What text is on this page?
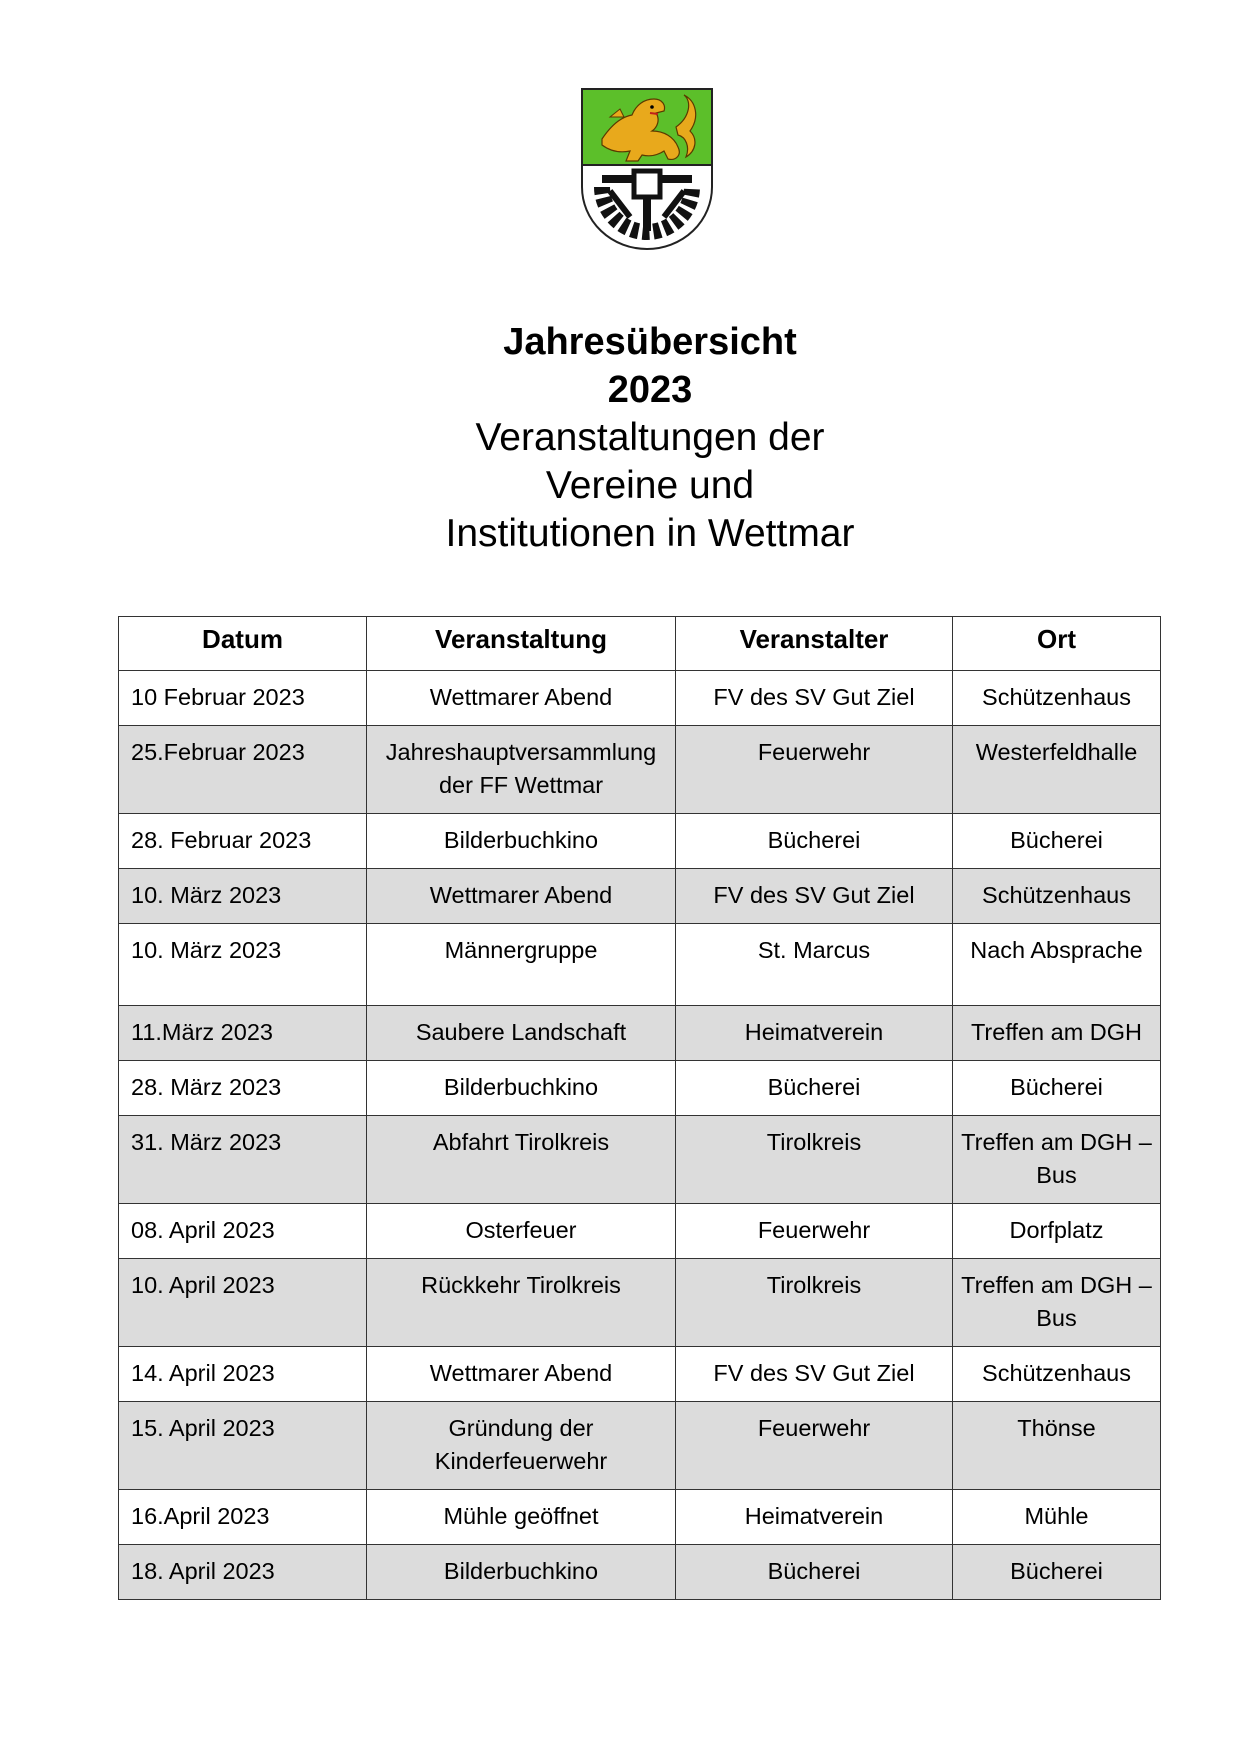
Jahresübersicht
2023
Veranstaltungen der
Vereine und
Institutionen in Wettmar
Datum	Veranstaltung	Veranstalter	Ort
10 Februar 2023	Wettmarer Abend	FV des SV Gut Ziel	Schützenhaus
25.Februar 2023	Jahreshauptversammlung der FF Wettmar	Feuerwehr	Westerfeldhalle
28. Februar 2023	Bilderbuchkino	Bücherei	Bücherei
10. März 2023	Wettmarer Abend	FV des SV Gut Ziel	Schützenhaus
10. März 2023	Männergruppe	St. Marcus	Nach Absprache
11.März 2023	Saubere Landschaft	Heimatverein	Treffen am DGH
28. März 2023	Bilderbuchkino	Bücherei	Bücherei
31. März 2023	Abfahrt Tirolkreis	Tirolkreis	Treffen am DGH – Bus
08. April 2023	Osterfeuer	Feuerwehr	Dorfplatz
10. April 2023	Rückkehr Tirolkreis	Tirolkreis	Treffen am DGH – Bus
14. April 2023	Wettmarer Abend	FV des SV Gut Ziel	Schützenhaus
15. April 2023	Gründung der Kinderfeuerwehr	Feuerwehr	Thönse
16.April 2023	Mühle geöffnet	Heimatverein	Mühle
18. April 2023	Bilderbuchkino	Bücherei	Bücherei
